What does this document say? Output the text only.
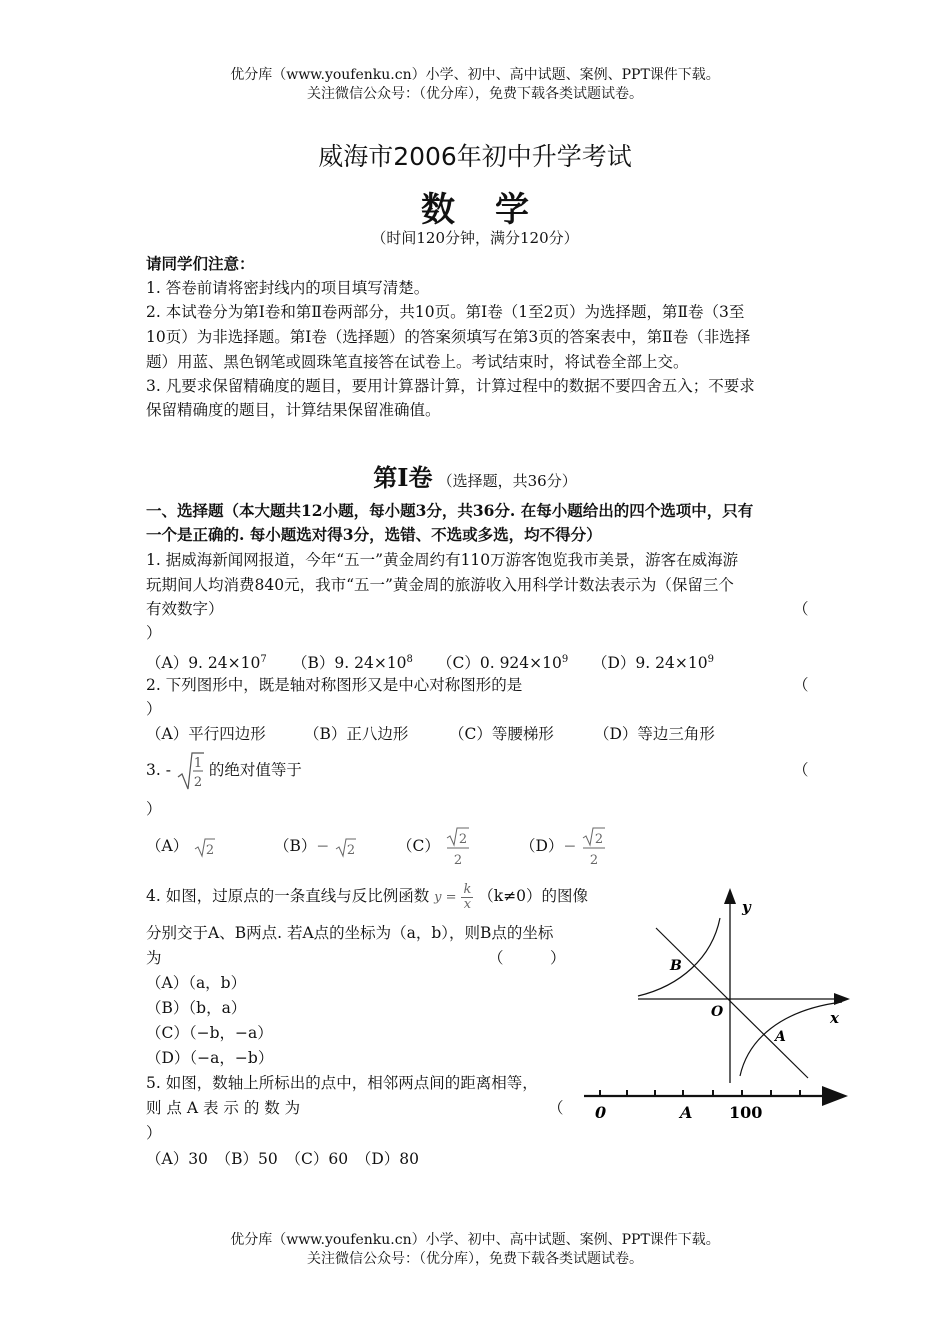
优分库（www.youfenku.cn）小学、初中、高中试题、案例、PPT课件下载。
关注微信公众号：（优分库），免费下载各类试题试卷。
威海市2006年初中升学考试
数学
（时间120分钟，满分120分）
请同学们注意：
1. 答卷前请将密封线内的项目填写清楚。
2. 本试卷分为第Ⅰ卷和第Ⅱ卷两部分，共10页。第Ⅰ卷（1至2页）为选择题，第Ⅱ卷（3至
10页）为非选择题。第Ⅰ卷（选择题）的答案须填写在第3页的答案表中，第Ⅱ卷（非选择
题）用蓝、黑色钢笔或圆珠笔直接答在试卷上。考试结束时，将试卷全部上交。
3. 凡要求保留精确度的题目，要用计算器计算，计算过程中的数据不要四舍五入；不要求
保留精确度的题目，计算结果保留准确值。
第Ⅰ卷 （选择题，共36分）
一、选择题（本大题共12小题，每小题3分，共36分. 在每小题给出的四个选项中，只有
一个是正确的. 每小题选对得3分，选错、不选或多选，均不得分）
1. 据威海新闻网报道，今年“五一”黄金周约有110万游客饱览我市美景，游客在威海游
玩期间人均消费840元，我市“五一”黄金周的旅游收入用科学计数法表示为（保留三个
有效数字）	（
）
（A）9. $24\times 10^7$ （B）9. $24\times 10^8$ （C）0. $924\times 10^9$ （D）9. $24\times 10^9$
2. 下列图形中，既是轴对称图形又是中心对称图形的是	（
）
（A）平行四边形 （B）正八边形	（C）等腰梯形	（D）等边三角形
3. - 1
2
的绝对值等于	（
）
（A） 2	（B）− 2	（C） 2
2
（D）− 2
2
4. 如图，过原点的一条直线与反比例函数 $y = \frac{k}{x} (k\ne 0)$的图像
分别交于A、B两点. 若A点的坐标为（a，b），则B点的坐标
为	（　　　）
（A）（a，b）
（B）（b，a）
（C）（−b，−a）
（D）（−a，−b）
y
x
O
A
B
5. 如图，数轴上所标出的点中，相邻两点间的距离相等，
则 点 A 表 示 的 数 为	（
）
（A）30　（B）50　（C）60　（D）80
0	A 100
优分库（www.youfenku.cn）小学、初中、高中试题、案例、PPT课件下载。
关注微信公众号：（优分库），免费下载各类试题试卷。
